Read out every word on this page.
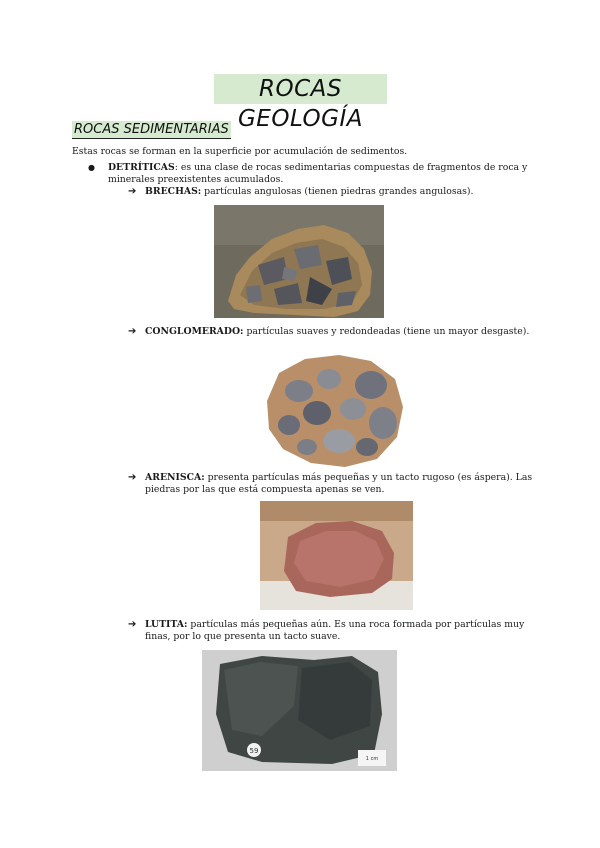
ROCAS GEOLOGÍA
ROCAS SEDIMENTARIAS
Estas rocas se forman en la superficie por acumulación de sedimentos.
● DETRÍTICAS: es una clase de rocas sedimentarias compuestas de fragmentos de roca y
minerales preexistentes acumulados.
➔ BRECHAS: partículas angulosas (tienen piedras grandes angulosas).
➔ CONGLOMERADO: partículas suaves y redondeadas (tiene un mayor desgaste).
➔ ARENISCA: presenta partículas más pequeñas y un tacto rugoso (es áspera). Las
piedras por las que está compuesta apenas se ven.
➔ LUTITA: partículas más pequeñas aún. Es una roca formada por partículas muy
finas, por lo que presenta un tacto suave.
59
1 cm
